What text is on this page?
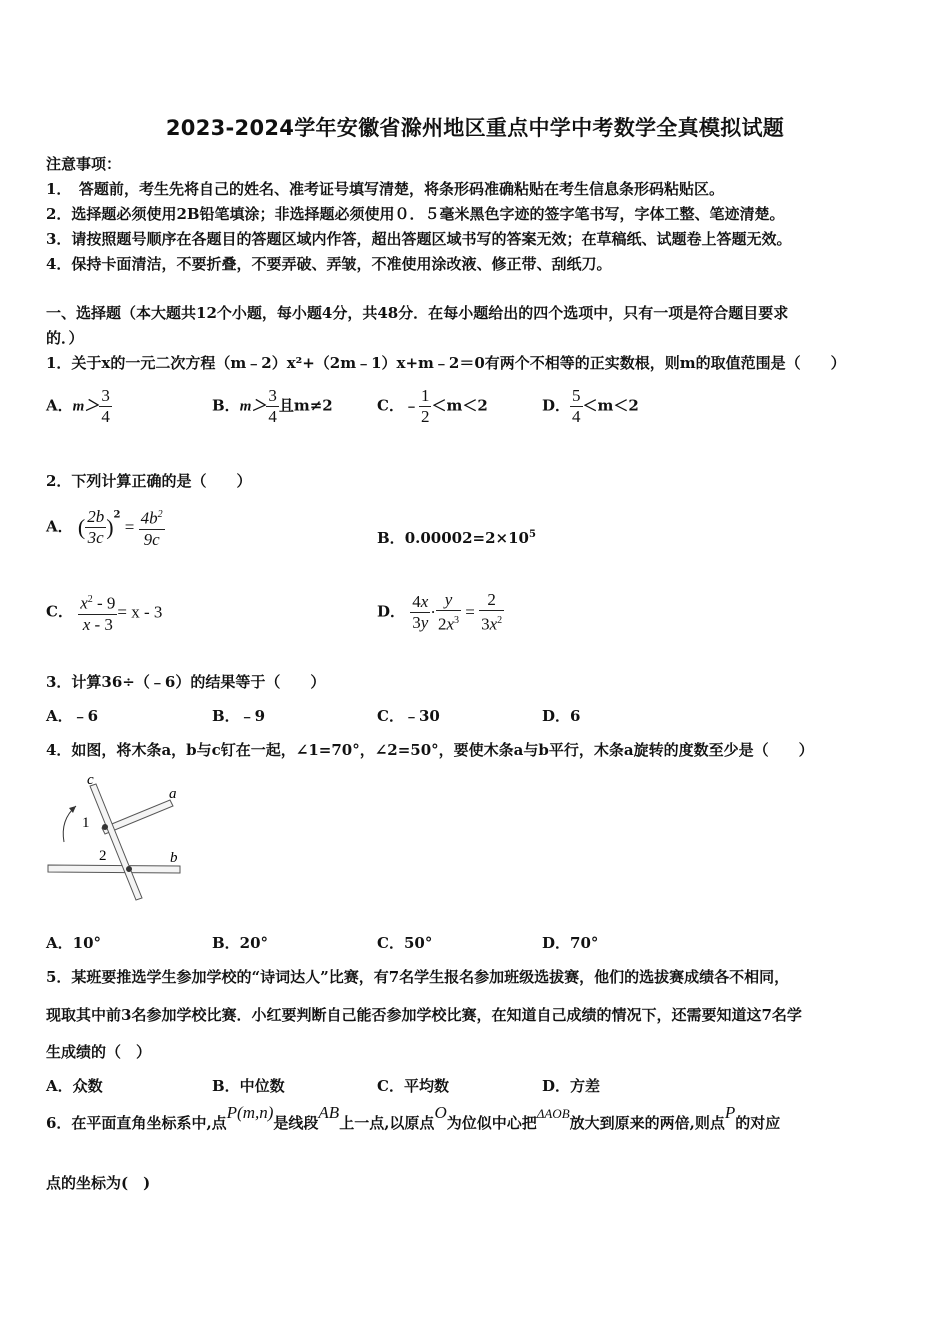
2023-2024学年安徽省滁州地区重点中学中考数学全真模拟试题
注意事项：
1．　答题前，考生先将自己的姓名、准考证号填写清楚，将条形码准确粘贴在考生信息条形码粘贴区。
2．选择题必须使用2B铅笔填涂；非选择题必须使用０．５毫米黑色字迹的签字笔书写，字体工整、笔迹清楚。
3．请按照题号顺序在各题目的答题区域内作答，超出答题区域书写的答案无效；在草稿纸、试题卷上答题无效。
4．保持卡面清洁，不要折叠，不要弄破、弄皱，不准使用涂改液、修正带、刮纸刀。
一、选择题（本大题共12个小题，每小题4分，共48分．在每小题给出的四个选项中，只有一项是符合题目要求
的．）
1．关于x的一元二次方程（m﹣2）x²+（2m﹣1）x+m﹣2＝0有两个不相等的正实数根，则m的取值范围是（　　）
A．$m> \frac{3}{4}$	B．$m> \frac{3}{4}$ 且m≠2	C．﹣ $\frac{1}{2} <m<2$	D． $\frac{5}{4} <m<2$
2．下列计算正确的是（　　）
A． ( $\frac{2b}{3c} )^2 = \frac{4b^2}{9c}$	B．$0.00002=2\times 10^5$
C． $\frac{x^2 - 9}{x - 3} = x - 3$	D． $\frac{4x}{3y} \cdot \frac{y}{2x^3} = \frac{2}{3x^2}$
3．计算36÷（﹣6）的结果等于（　　）
A．﹣6	B．﹣9	C．﹣30	D．6
4．如图，将木条a，b与c钉在一起，∠1=70°，∠2=50°，要使木条a与b平行，木条a旋转的度数至少是（　　）
c
a
b
1
2
A．10°	B．20°	C．50°	D．70°
5．某班要推选学生参加学校的“诗词达人”比赛，有7名学生报名参加班级选拔赛，他们的选拔赛成绩各不相同，
现取其中前3名参加学校比赛．小红要判断自己能否参加学校比赛，在知道自己成绩的情况下，还需要知道这7名学
生成绩的（　）
A．众数	B．中位数	C．平均数	D．方差
6．在平面直角坐标系中,点P(m,n)是线段AB上一点,以原点O为位似中心把ΔAOB放大到原来的两倍,则点P的对应
点的坐标为(　)
